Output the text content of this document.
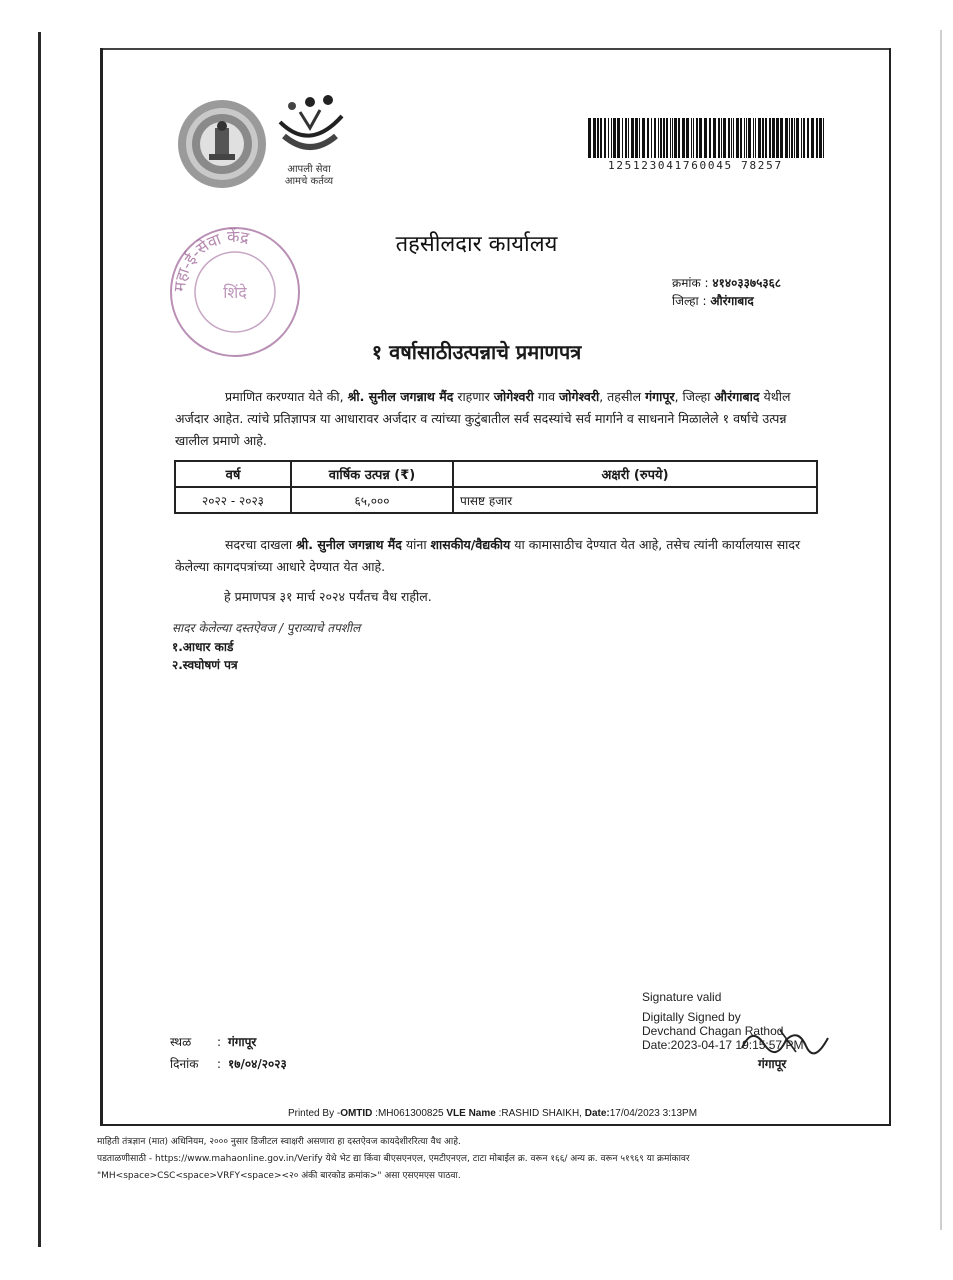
आपली सेवा
आमचे कर्तव्य
महा-ई-सेवा केंद्र
शिंदे
125123041760045 78257
तहसीलदार कार्यालय
क्रमांक : ४१४०३३७५३६८
जिल्हा : औरंगाबाद
१ वर्षासाठीउत्पन्नाचे प्रमाणपत्र
प्रमाणित करण्यात येते की, श्री. सुनील जगन्नाथ मैंद राहणार जोगेश्वरी गाव जोगेश्वरी, तहसील गंगापूर, जिल्हा औरंगाबाद येथील अर्जदार आहेत. त्यांचे प्रतिज्ञापत्र या आधारावर अर्जदार व त्यांच्या कुटुंबातील सर्व सदस्यांचे सर्व मार्गाने व साधनाने मिळालेले १ वर्षाचे उत्पन्न खालील प्रमाणे आहे.
वर्ष	वार्षिक उत्पन्न (₹)	अक्षरी (रुपये)
२०२२ - २०२३	६५,०००	पासष्ट हजार
सदरचा दाखला श्री. सुनील जगन्नाथ मैंद यांना शासकीय/वैद्यकीय या कामासाठीच देण्यात येत आहे, तसेच त्यांनी कार्यालयास सादर केलेल्या कागदपत्रांच्या आधारे देण्यात येत आहे.
हे प्रमाणपत्र ३१ मार्च २०२४ पर्यंतच वैध राहील.
सादर केलेल्या दस्तऐवज / पुराव्याचे तपशील
१.आधार कार्ड
२.स्वघोषणं पत्र
Signature valid
Digitally Signed by
Devchand Chagan Rathod
Date:2023-04-17 19:15:57 PM
गंगापूर
स्थळ : गंगापूर
दिनांक : १७/०४/२०२३
Printed By -OMTID :MH061300825 VLE Name :RASHID SHAIKH, Date:17/04/2023 3:13PM
माहिती तंत्रज्ञान (मात) अधिनियम, २००० नुसार डिजीटल स्वाक्षरी असणारा हा दस्तऐवज कायदेशीररित्या वैध आहे.
पडताळणीसाठी - https://www.mahaonline.gov.in/Verify येथे भेट द्या किंवा बीएसएनएल, एमटीएनएल, टाटा मोबाईल क्र. वरून १६६/ अन्य क्र. वरून ५१९६९ या क्रमांकावर
"MH<space>CSC<space>VRFY<space><२० अंकी बारकोड क्रमांक>" असा एसएमएस पाठवा.
